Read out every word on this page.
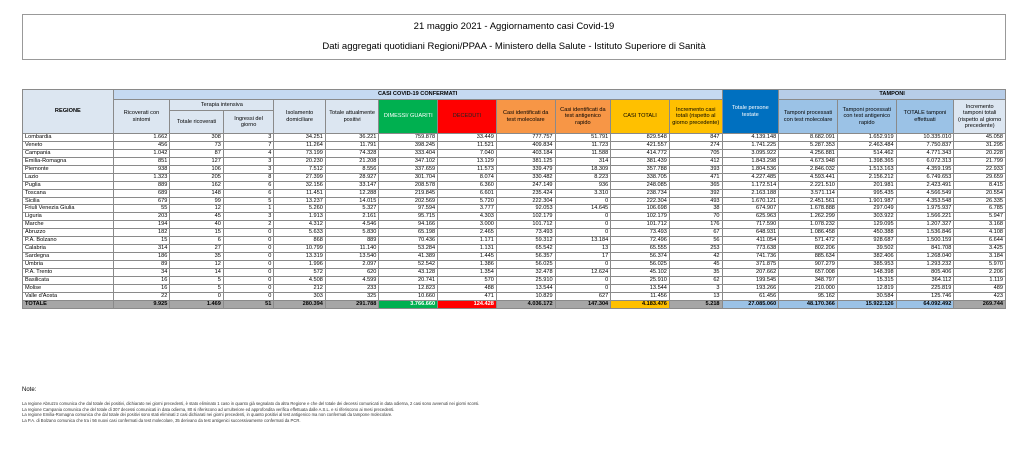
21 maggio 2021 - Aggiornamento casi Covid-19
Dati aggregati quotidiani Regioni/PPAA - Ministero della Salute - Istituto Superiore di Sanità
REGIONE	CASI COVID-19 CONFERMATI											Totale persone testate	TAMPONI			
	Ricoverati con sintomi	Terapia intensiva		Isolamento domiciliare	Totale attualmente positivi	DIMESSI/ GUARITI	DECEDUTI	Casi identificati da test molecolare	Casi identificati da test antigenico rapido	CASI TOTALI	Incremento casi totali (rispetto al giorno precedente)		Tamponi processati con test molecolare	Tamponi processati con test antigenico rapido	TOTALE tamponi effettuati	Incremento tamponi totali (rispetto al giorno precedente)
		Totale ricoverati	Ingressi del giorno													
Lombardia	1.662	308	3	34.251	36.221	759.878	33.449	777.757	51.791	829.548	847	4.139.148	8.682.091	1.652.919	10.335.010	45.058
Veneto	456	73	7	11.264	11.791	398.245	11.521	409.834	11.723	421.557	274	1.741.225	5.287.353	2.463.484	7.750.837	31.295
Campania	1.042	87	4	73.199	74.328	333.404	7.040	403.184	11.588	414.772	705	3.095.922	4.256.881	514.462	4.771.343	20.228
Emilia-Romagna	851	127	3	20.230	21.208	347.102	13.129	381.125	314	381.439	412	1.843.298	4.673.948	1.398.365	6.072.313	21.799
Piemonte	938	106	3	7.512	8.556	337.659	11.573	339.479	18.309	357.788	393	1.804.536	2.846.032	1.513.163	4.359.195	22.933
Lazio	1.323	205	8	27.399	28.927	301.704	8.074	330.482	8.223	338.705	471	4.227.485	4.593.441	2.156.212	6.749.653	29.659
Puglia	889	162	6	32.156	33.147	208.578	6.360	247.149	936	248.085	365	1.172.514	2.221.510	201.981	2.423.491	8.415
Toscana	689	148	6	11.451	12.288	219.845	6.601	235.424	3.310	238.734	392	2.163.188	3.571.114	995.435	4.566.549	20.554
Sicilia	679	99	5	13.237	14.015	202.569	5.720	222.304	0	222.304	493	1.670.121	2.451.561	1.901.987	4.353.548	26.335
Friuli Venezia Giulia	55	12	1	5.260	5.327	97.594	3.777	92.053	14.645	106.698	38	674.907	1.678.888	297.049	1.975.937	6.785
Liguria	203	45	3	1.913	2.161	95.715	4.303	102.179	0	102.179	70	625.963	1.262.299	303.922	1.566.221	5.947
Marche	194	40	2	4.312	4.546	94.166	3.000	101.712	0	101.712	176	717.590	1.078.232	129.095	1.207.327	3.168
Abruzzo	182	15	0	5.633	5.830	65.198	2.465	73.493	0	73.493	67	648.931	1.086.458	450.388	1.536.846	4.108
P.A. Bolzano	15	6	0	868	889	70.436	1.171	59.312	13.184	72.496	56	411.054	571.472	928.687	1.500.159	6.644
Calabria	314	27	0	10.799	11.140	53.284	1.131	65.542	13	65.555	253	773.638	802.206	39.502	841.708	3.425
Sardegna	186	35	0	13.319	13.540	41.389	1.445	56.357	17	56.374	42	741.736	885.634	382.406	1.268.040	3.184
Umbria	89	12	0	1.996	2.097	52.542	1.386	56.025	0	56.025	45	371.875	907.279	385.953	1.293.232	5.970
P.A. Trento	34	14	0	572	620	43.128	1.354	32.478	12.624	45.102	35	207.662	657.008	148.398	805.406	2.206
Basilicata	16	5	0	4.508	4.599	20.741	570	25.910	0	25.910	62	199.545	348.797	15.315	364.112	1.119
Molise	16	5	0	212	233	12.823	488	13.544	0	13.544	3	193.266	210.000	12.819	225.819	489
Valle d'Aosta	22	0	0	303	325	10.660	471	10.829	627	11.456	13	61.456	95.162	30.584	125.746	423
TOTALE	9.925	1.469	51	280.394	291.788	3.766.660	124.428	4.036.172	147.304	4.183.476	5.218	27.085.060	48.170.366	15.922.126	64.092.492	269.744
Note:
La regione Abruzzo comunica che dal totale dei positivi, dichiarato nei giorni precedenti, è stato eliminato 1 caso in quanto già segnalato da altra Regione e che del totale dei decessi comunicati in data odierna, 2 casi sono avvenuti nei giorni scorsi.
La regione Campania comunica che del totale di 307 decessi comunicati in data odierna, 80 si riferiscono ad un'ulteriore ed approfondita verifica effettuata dalle A.S.L. e si riferiscono ai mesi precedenti.
La regione Emilia-Romagna comunica che dal totale dei positivi sono stati eliminati 2 casi dichiarati nei giorni precedenti, in quanto positivi al test antigenico ma non confermati da tampone molecolare.
La P.A. di Bolzano comunica che tra i 56 nuovi casi confermati da test molecolare, 35 derivano da test antigenici successivamente confermati da PCR.
